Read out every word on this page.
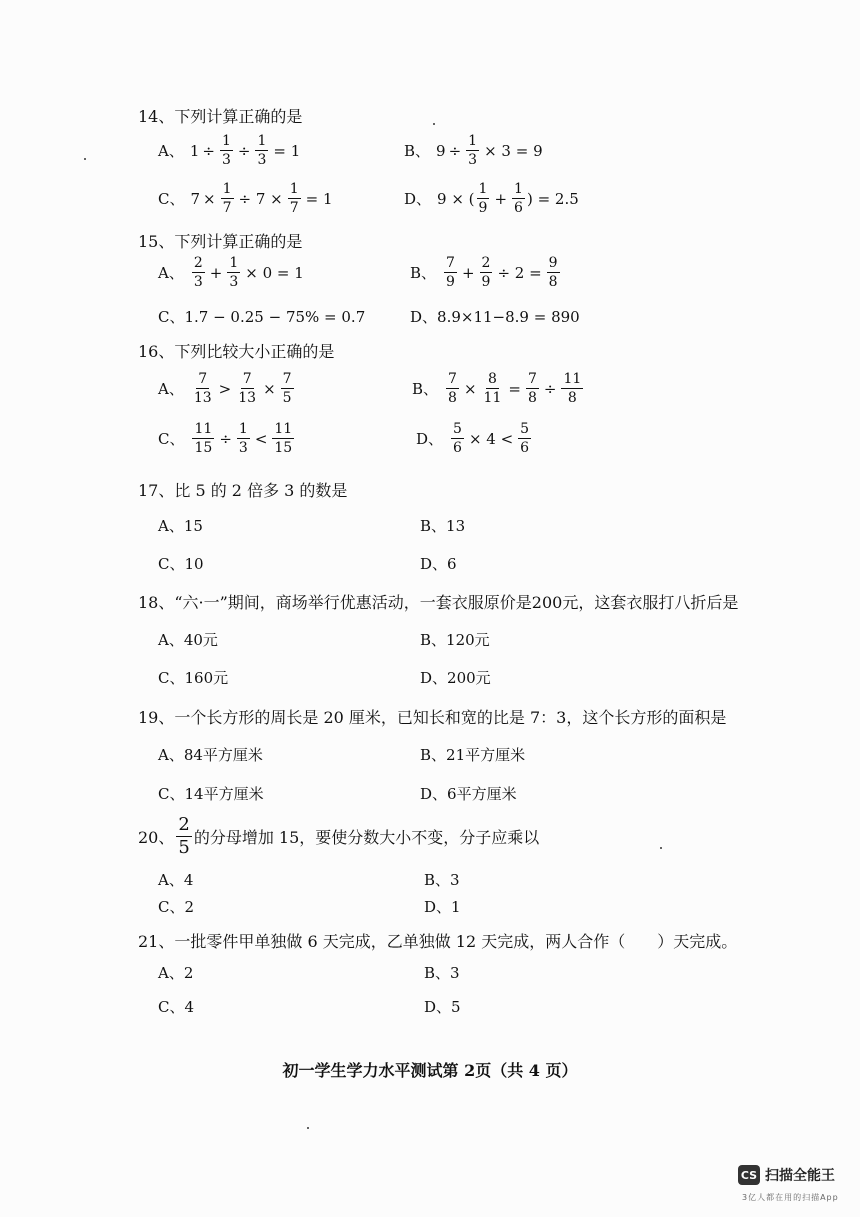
14、下列计算正确的是
A、 $1 \div \frac{1}{3} \div \frac{1}{3} = 1$	B、 $9 \div \frac{1}{3} \times 3 = 9$
C、 $7 \times \frac{1}{7} \div 7 \times \frac{1}{7} = 1$	D、 9 × ( $\frac{1}{9} + \frac{1}{6}$ ) = 2.5
15、下列计算正确的是
A、 $\frac{2}{3} + \frac{1}{3} \times 0 = 1$	B、 $\frac{7}{9} + \frac{2}{9} \div 2 = \frac{9}{8}$
C、1.7 − 0.25 − 75% = 0.7	D、8.9×11−8.9 = 890
16、下列比较大小正确的是
A、 $\frac{7}{13} > \frac{7}{13} \times \frac{7}{5}$	B、 $\frac{7}{8} \times \frac{8}{11} = \frac{7}{8} \div \frac{11}{8}$
C、 $\frac{11}{15} \div \frac{1}{3} < \frac{11}{15}$	D、 $\frac{5}{6} \times 4 < \frac{5}{6}$
17、比 5 的 2 倍多 3 的数是
A、15	B、13
C、10	D、6
18、“六·一”期间，商场举行优惠活动，一套衣服原价是200元，这套衣服打八折后是
A、40元	B、120元
C、160元	D、200元
19、一个长方形的周长是 20 厘米，已知长和宽的比是 7：3，这个长方形的面积是
A、84平方厘米	B、21平方厘米
C、14平方厘米	D、6平方厘米
20、 $\frac{2}{5}$ 的分母增加 15，要使分数大小不变，分子应乘以
A、4	B、3
C、2	D、1
21、一批零件甲单独做 6 天完成，乙单独做 12 天完成，两人合作（　　）天完成。
A、2	B、3
C、4	D、5
初一学生学力水平测试第 2页（共 4 页）
CS 扫描全能王
3亿人都在用的扫描App
